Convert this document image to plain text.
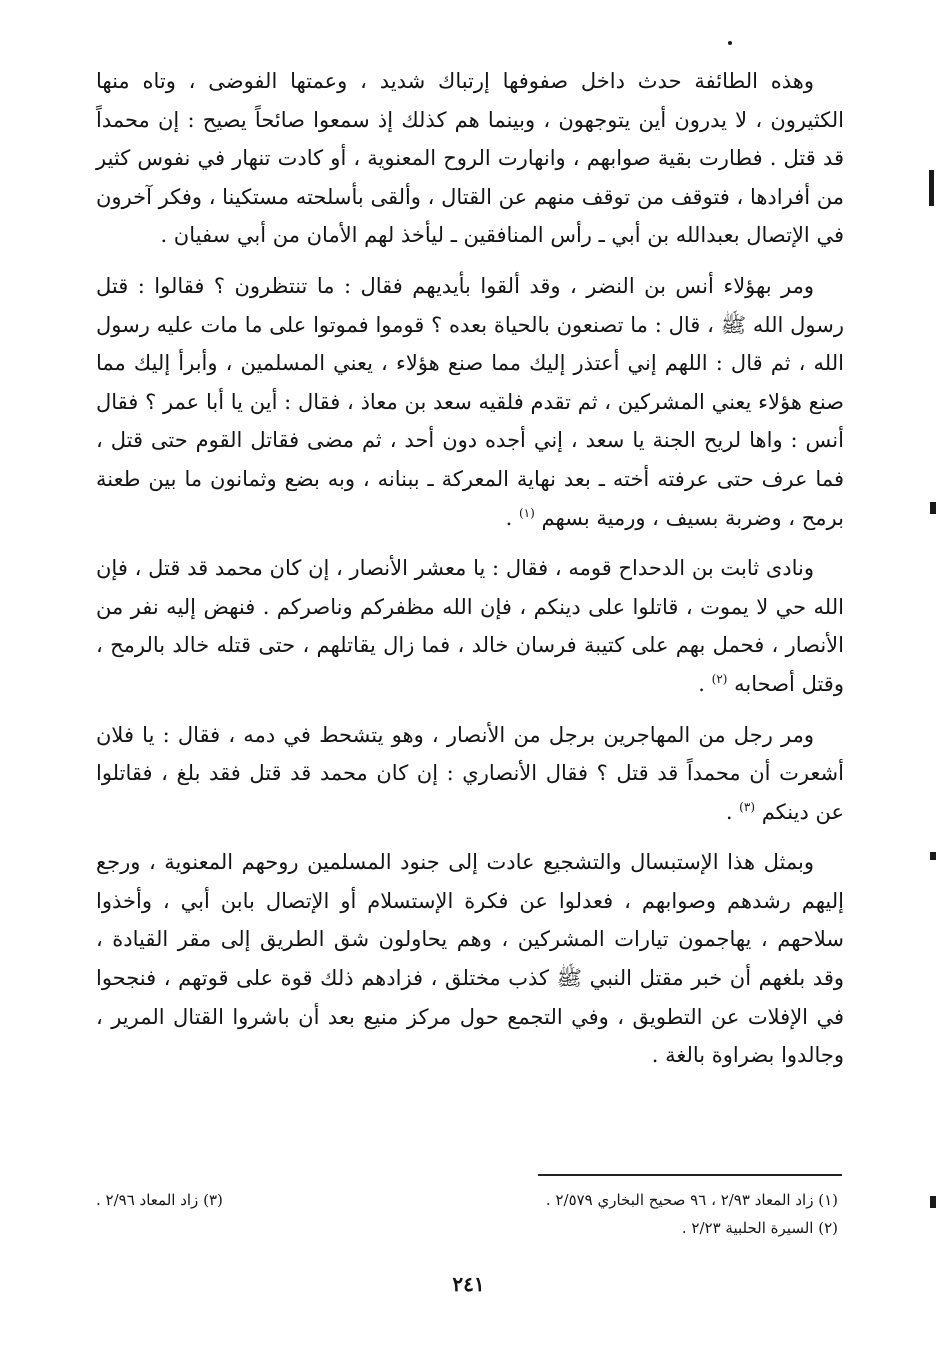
وهذه الطائفة حدث داخل صفوفها إرتباك شديد ، وعمتها الفوضى ، وتاه منها الكثيرون ، لا يدرون أين يتوجهون ، وبينما هم كذلك إذ سمعوا صائحاً يصيح : إن محمداً قد قتل . فطارت بقية صوابهم ، وانهارت الروح المعنوية ، أو كادت تنهار في نفوس كثير من أفرادها ، فتوقف من توقف منهم عن القتال ، وألقى بأسلحته مستكينا ، وفكر آخرون في الإتصال بعبدالله بن أبي ـ رأس المنافقين ـ ليأخذ لهم الأمان من أبي سفيان .

ومر بهؤلاء أنس بن النضر ، وقد ألقوا بأيديهم فقال : ما تنتظرون ؟ فقالوا : قتل رسول الله ﷺ ، قال : ما تصنعون بالحياة بعده ؟ قوموا فموتوا على ما مات عليه رسول الله ، ثم قال : اللهم إني أعتذر إليك مما صنع هؤلاء ، يعني المسلمين ، وأبرأ إليك مما صنع هؤلاء يعني المشركين ، ثم تقدم فلقيه سعد بن معاذ ، فقال : أين يا أبا عمر ؟ فقال أنس : واها لريح الجنة يا سعد ، إني أجده دون أحد ، ثم مضى فقاتل القوم حتى قتل ، فما عرف حتى عرفته أخته ـ بعد نهاية المعركة ـ ببنانه ، وبه بضع وثمانون ما بين طعنة برمح ، وضربة بسيف ، ورمية بسهم $^{(١)}$ .

ونادى ثابت بن الدحداح قومه ، فقال : يا معشر الأنصار ، إن كان محمد قد قتل ، فإن الله حي لا يموت ، قاتلوا على دينكم ، فإن الله مظفركم وناصركم . فنهض إليه نفر من الأنصار ، فحمل بهم على كتيبة فرسان خالد ، فما زال يقاتلهم ، حتى قتله خالد بالرمح ، وقتل أصحابه $^{(٢)}$ .

ومر رجل من المهاجرين برجل من الأنصار ، وهو يتشحط في دمه ، فقال : يا فلان أشعرت أن محمداً قد قتل ؟ فقال الأنصاري : إن كان محمد قد قتل فقد بلغ ، فقاتلوا عن دينكم $^{(٣)}$ .

وبمثل هذا الإستبسال والتشجيع عادت إلى جنود المسلمين روحهم المعنوية ، ورجع إليهم رشدهم وصوابهم ، فعدلوا عن فكرة الإستسلام أو الإتصال بابن أبي ، وأخذوا سلاحهم ، يهاجمون تيارات المشركين ، وهم يحاولون شق الطريق إلى مقر القيادة ، وقد بلغهم أن خبر مقتل النبي ﷺ كذب مختلق ، فزادهم ذلك قوة على قوتهم ، فنجحوا في الإفلات عن التطويق ، وفي التجمع حول مركز منيع بعد أن باشروا القتال المرير ، وجالدوا بضراوة بالغة .

(١) زاد المعاد ٢/٩٣ ، ٩٦ صحيح البخاري ٢/٥٧٩ .
(٣) زاد المعاد ٢/٩٦ .
(٢) السيرة الحلبية ٢/٢٣ .
٢٤١
